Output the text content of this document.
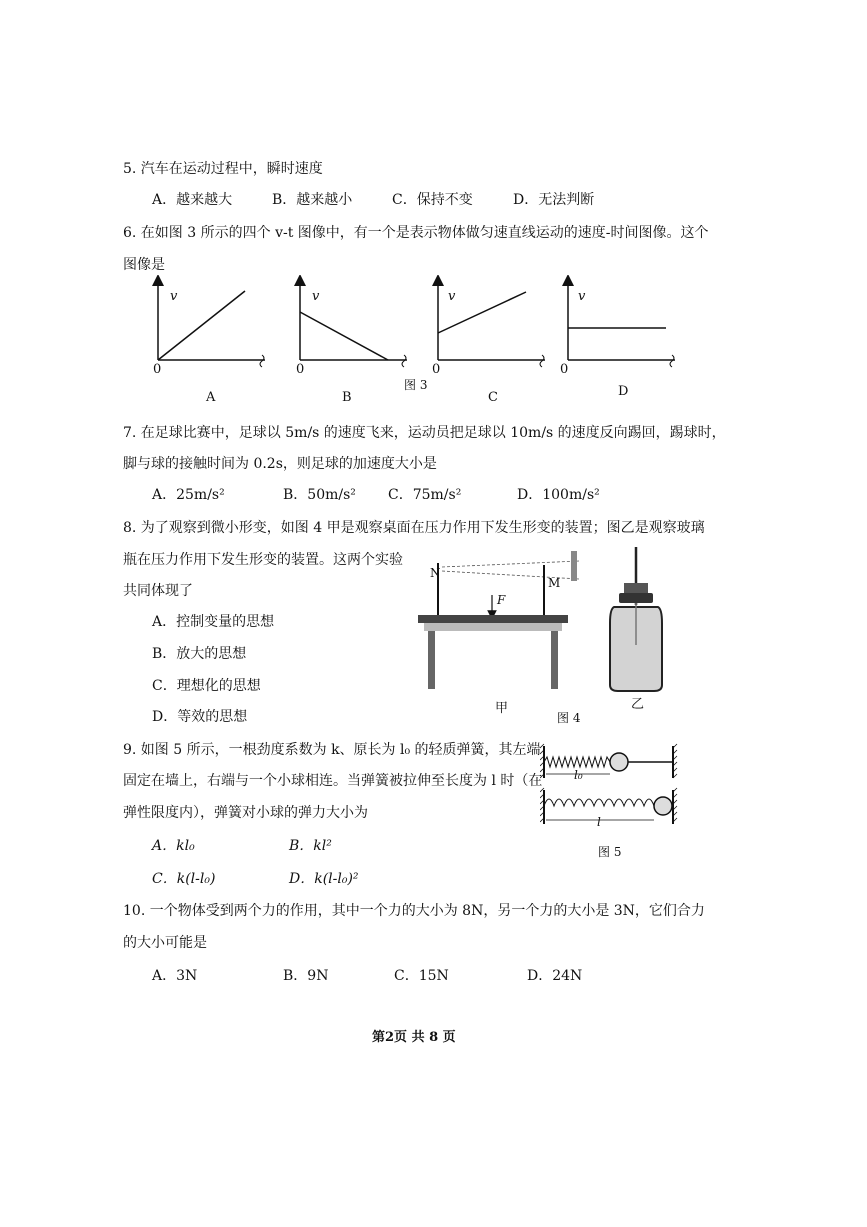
5. 汽车在运动过程中，瞬时速度
A．越来越大	B．越来越小	C．保持不变	D．无法判断
6. 在如图 3 所示的四个 v-t 图像中，有一个是表示物体做匀速直线运动的速度-时间图像。这个
图像是
v
0
v
0
v
0
v
0
A	B
图 3
C	D
7. 在足球比赛中，足球以 5m/s 的速度飞来，运动员把足球以 10m/s 的速度反向踢回，踢球时，
脚与球的接触时间为 0.2s，则足球的加速度大小是
A．25m/s²	B．50m/s² C．75m/s²	D．100m/s²
8. 为了观察到微小形变，如图 4 甲是观察桌面在压力作用下发生形变的装置；图乙是观察玻璃
瓶在压力作用下发生形变的装置。这两个实验
共同体现了
A．控制变量的思想
B．放大的思想
C．理想化的思想
D．等效的思想
N
M
F
甲
图 4
乙
9. 如图 5 所示，一根劲度系数为 k、原长为 l₀ 的轻质弹簧，其左端
固定在墙上，右端与一个小球相连。当弹簧被拉伸至长度为 l 时（在
弹性限度内），弹簧对小球的弹力大小为
A．kl₀	B．kl²
C．k(l-l₀)	D．k(l-l₀)²
l₀
l
图 5
10. 一个物体受到两个力的作用，其中一个力的大小为 8N，另一个力的大小是 3N，它们合力
的大小可能是
A．3N	B．9N	C．15N	D．24N
第2页 共 8 页
